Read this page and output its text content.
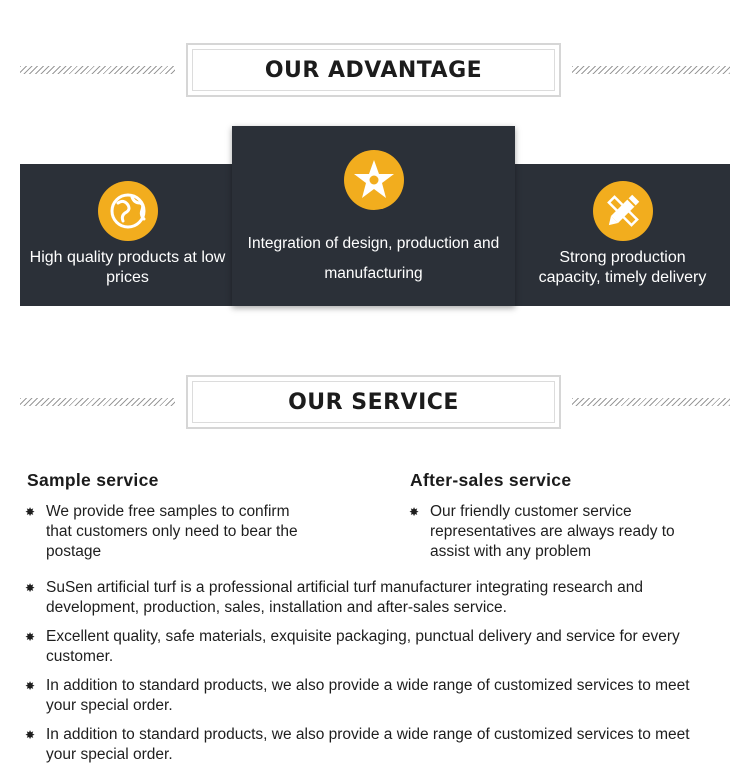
OUR ADVANTAGE
High quality products at low prices
Integration of design, production and manufacturing
Strong production capacity, timely delivery
OUR SERVICE
Sample service
✸ We provide free samples to confirm that customers only need to bear the postage
After-sales service
✸ Our friendly customer service representatives are always ready to assist with any problem
✸ SuSen artificial turf is a professional artificial turf manufacturer integrating research and development, production, sales, installation and after-sales service.
✸ Excellent quality, safe materials, exquisite packaging, punctual delivery and service for every customer.
✸ In addition to standard products, we also provide a wide range of customized services to meet your special order.
✸ In addition to standard products, we also provide a wide range of customized services to meet your special order.
